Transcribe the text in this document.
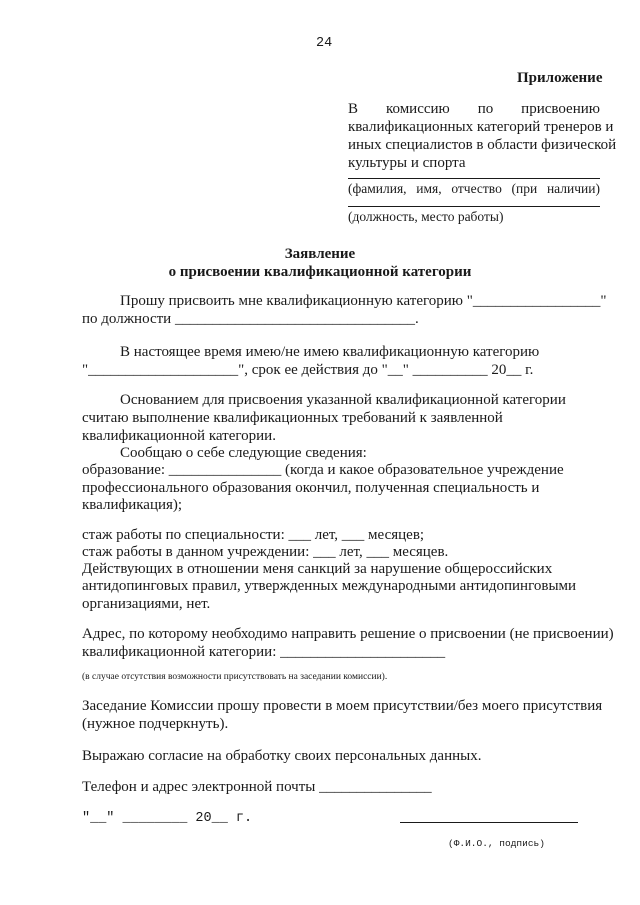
24
Приложение
В комиссию по присвоению
квалификационных категорий тренеров и
иных специалистов в области физической
культуры и спорта
(фамилия, имя, отчество (при наличии)
(должность, место работы)
Заявление
о присвоении квалификационной категории
Прошу присвоить мне квалификационную категорию "_________________"
по должности ________________________________.
В настоящее время имею/не имею квалификационную категорию
"____________________", срок ее действия до "__" __________ 20__ г.
Основанием для присвоения указанной квалификационной категории
считаю выполнение квалификационных требований к заявленной
квалификационной категории.
Сообщаю о себе следующие сведения:
образование: _______________ (когда и какое образовательное учреждение
профессионального образования окончил, полученная специальность и
квалификация);
стаж работы по специальности: ___ лет, ___ месяцев;
стаж работы в данном учреждении: ___ лет, ___ месяцев.
Действующих в отношении меня санкций за нарушение общероссийских
антидопинговых правил, утвержденных международными антидопинговыми
организациями, нет.
Адрес, по которому необходимо направить решение о присвоении (не присвоении)
квалификационной категории: ______________________
(в случае отсутствия возможности присутствовать на заседании комиссии).
Заседание Комиссии прошу провести в моем присутствии/без моего присутствия
(нужное подчеркнуть).
Выражаю согласие на обработку своих персональных данных.
Телефон и адрес электронной почты _______________
"__" ________ 20__ г.
(Ф.И.О., подпись)
